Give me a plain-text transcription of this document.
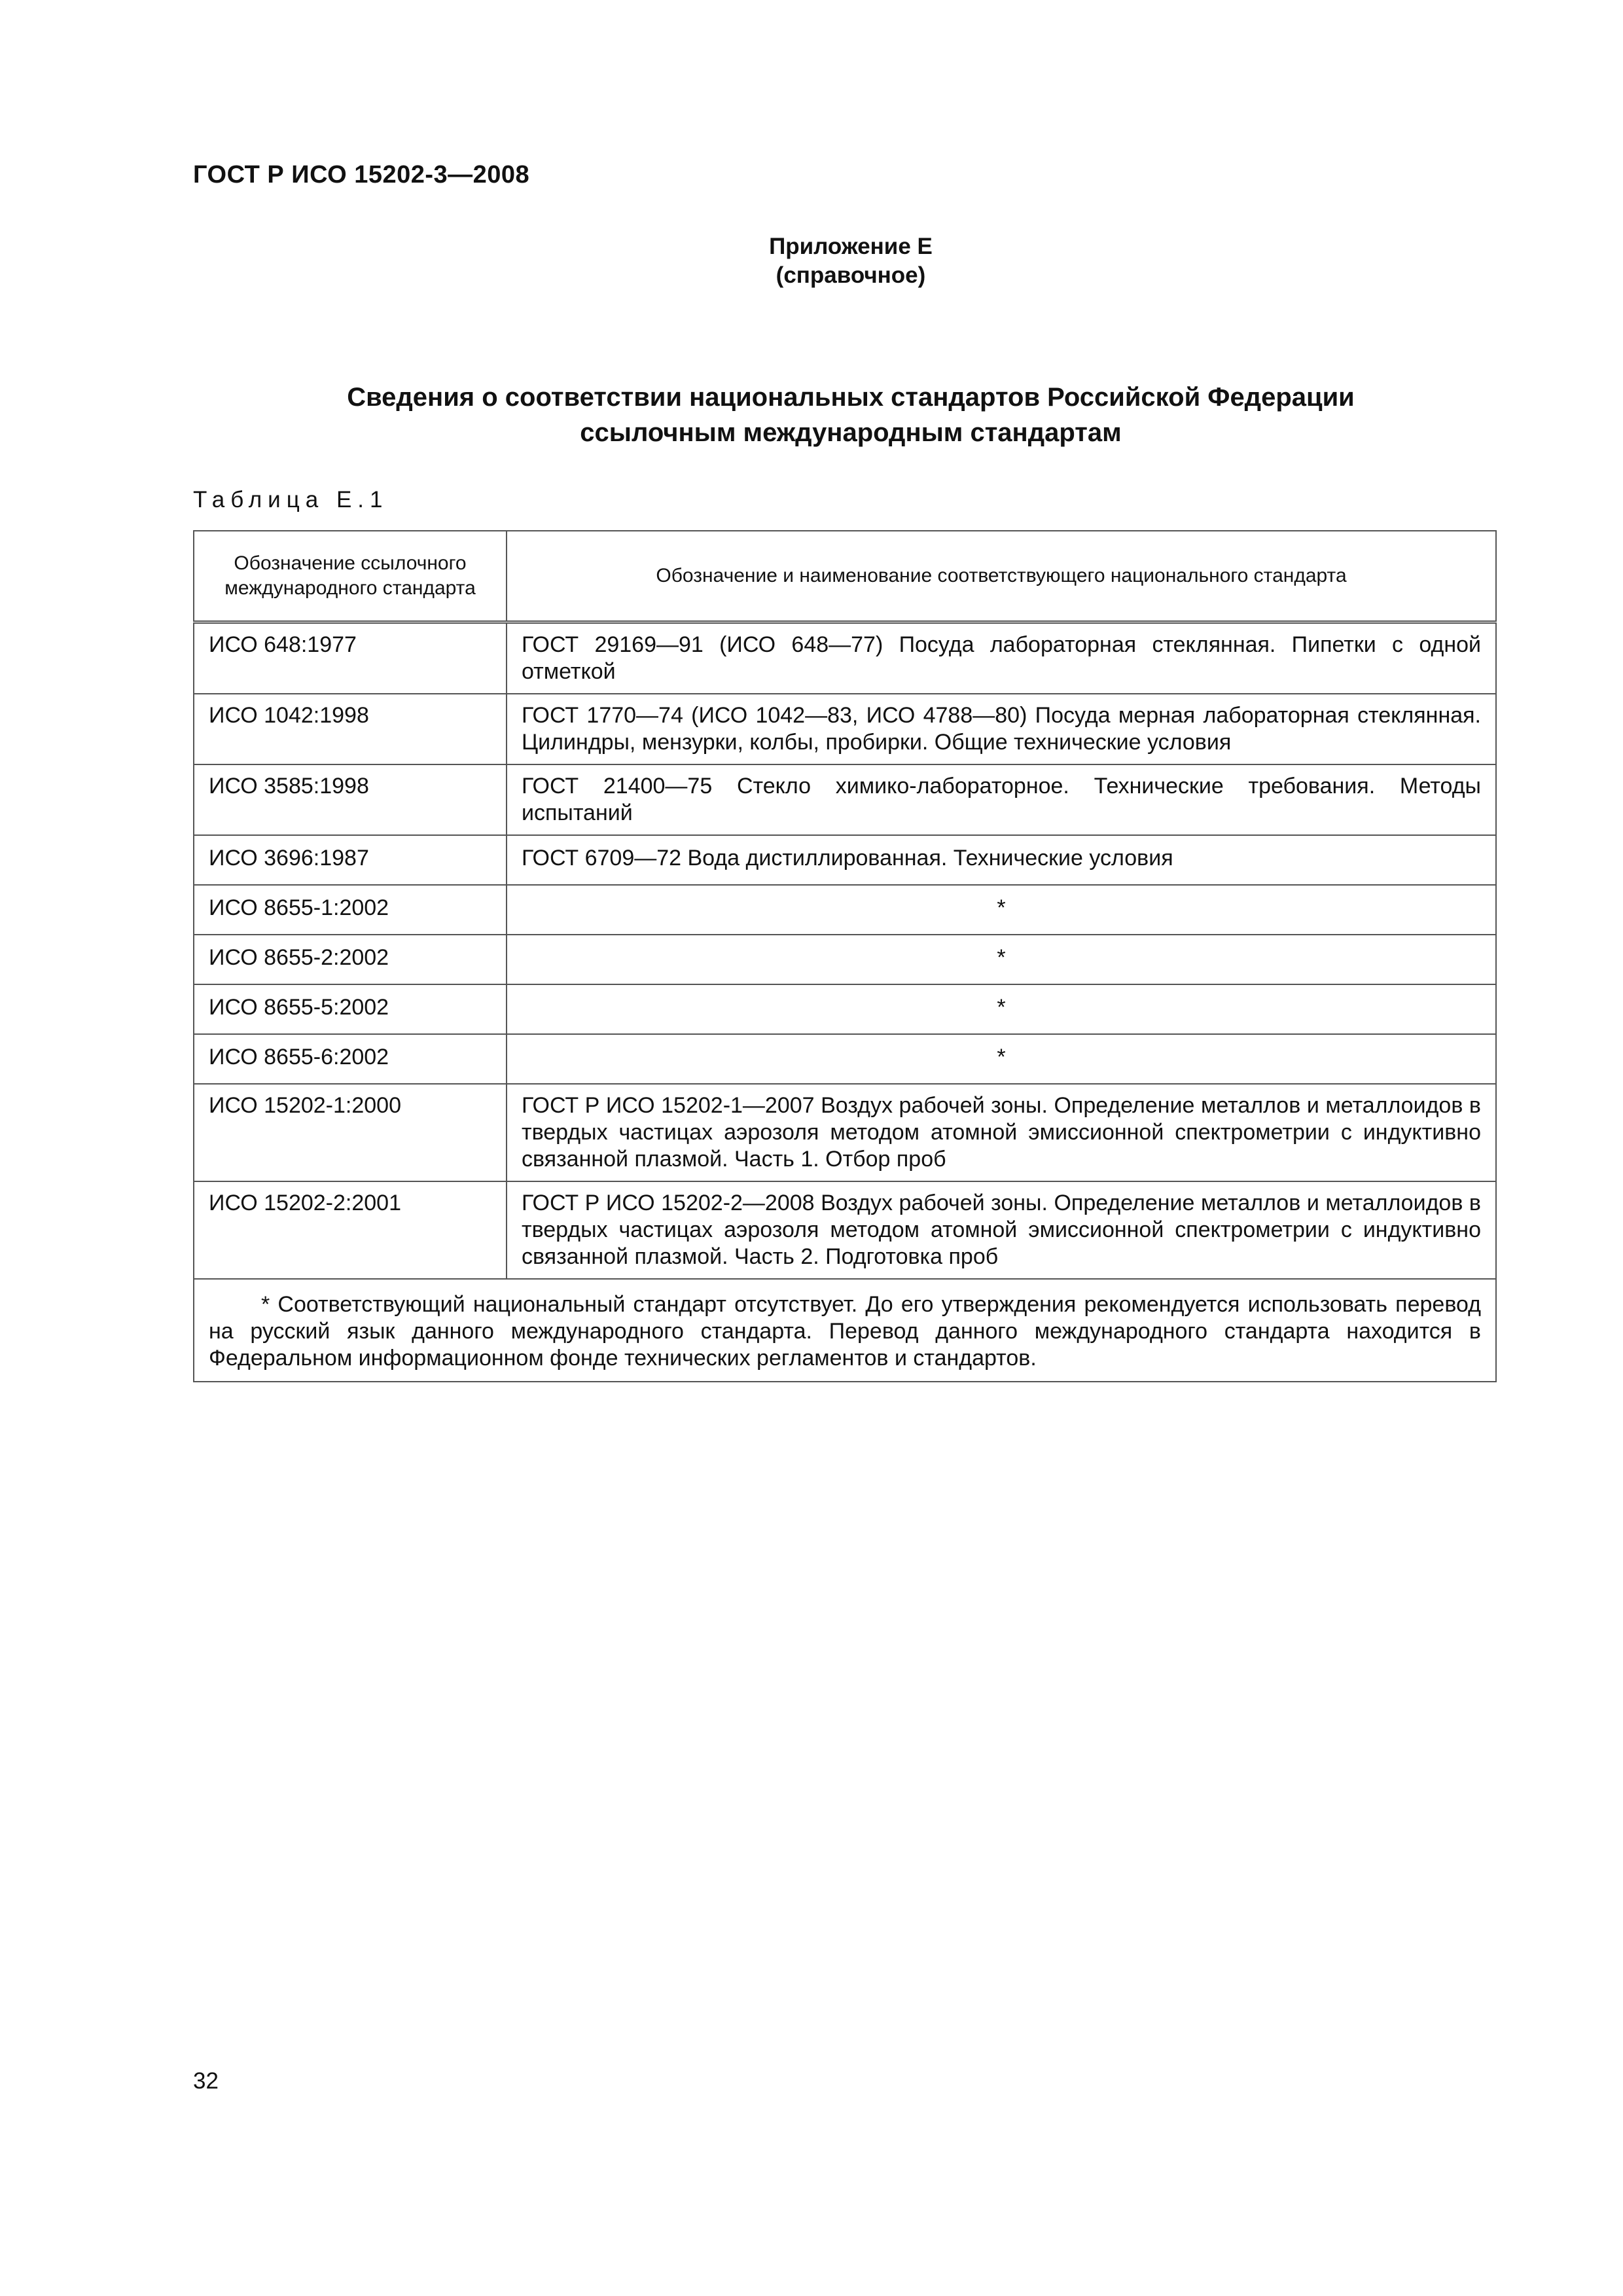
ГОСТ Р ИСО 15202-3—2008
Приложение Е
(справочное)
Сведения о соответствии национальных стандартов Российской Федерации
ссылочным международным стандартам
Таблица Е.1
Обозначение ссылочного международного стандарта	Обозначение и наименование соответствующего национального стандарта
ИСО 648:1977	ГОСТ 29169—91 (ИСО 648—77) Посуда лабораторная стеклянная. Пипетки с одной отметкой
ИСО 1042:1998	ГОСТ 1770—74 (ИСО 1042—83, ИСО 4788—80) Посуда мерная лабораторная стеклянная. Цилиндры, мензурки, колбы, пробирки. Общие технические условия
ИСО 3585:1998	ГОСТ 21400—75 Стекло химико-лабораторное. Технические требования. Методы испытаний
ИСО 3696:1987	ГОСТ 6709—72 Вода дистиллированная. Технические условия
ИСО 8655-1:2002	*
ИСО 8655-2:2002	*
ИСО 8655-5:2002	*
ИСО 8655-6:2002	*
ИСО 15202-1:2000	ГОСТ Р ИСО 15202-1—2007 Воздух рабочей зоны. Определение металлов и металлоидов в твердых частицах аэрозоля методом атомной эмиссионной спектрометрии с индуктивно связанной плазмой. Часть 1. Отбор проб
ИСО 15202-2:2001	ГОСТ Р ИСО 15202-2—2008 Воздух рабочей зоны. Определение металлов и металлоидов в твердых частицах аэрозоля методом атомной эмиссионной спектрометрии с индуктивно связанной плазмой. Часть 2. Подготовка проб
* Соответствующий национальный стандарт отсутствует. До его утверждения рекомендуется использовать перевод на русский язык данного международного стандарта. Перевод данного международного стандарта находится в Федеральном информационном фонде технических регламентов и стандартов.	
32
